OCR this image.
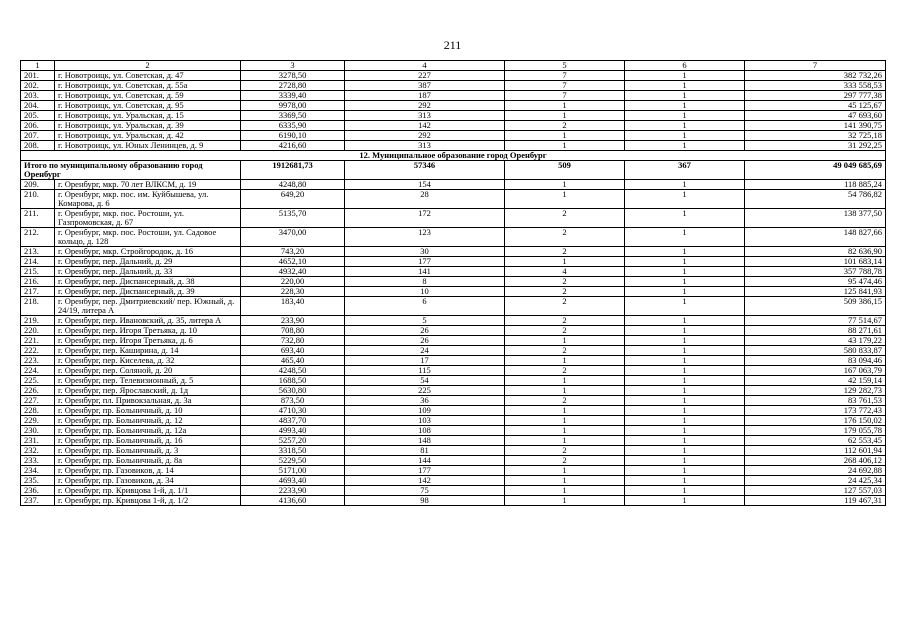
211
1	2	3	4	5	6	7
201.	г. Новотроицк, ул. Советская, д. 47	3278,50	227	7	1	382 732,26
202.	г. Новотроицк, ул. Советская, д. 55а	2728,80	387	7	1	333 558,53
203.	г. Новотроицк, ул. Советская, д. 59	3339,40	187	7	1	297 777,38
204.	г. Новотроицк, ул. Советская, д. 95	9978,00	292	1	1	45 125,67
205.	г. Новотроицк, ул. Уральская, д. 15	3369,50	313	1	1	47 693,60
206.	г. Новотроицк, ул. Уральская, д. 39	6335,90	142	2	1	141 390,75
207.	г. Новотроицк, ул. Уральская, д. 42	6190,10	292	1	1	32 725,18
208.	г. Новотроицк, ул. Юных Ленинцев, д. 9	4216,60	313	1	1	31 292,25
12. Муниципальное образование город Оренбург						
Итого по муниципальному образованию город Оренбург		1912681,73	57346	509	367	49 049 685,69
209.	г. Оренбург, мкр. 70 лет ВЛКСМ, д. 19	4248,80	154	1	1	118 885,24
210.	г. Оренбург, мкр. пос. им. Куйбышева, ул. Комарова, д. 6	649,20	28	1	1	54 786,82
211.	г. Оренбург, мкр. пос. Ростоши, ул. Газпромовская, д. 67	5135,70	172	2	1	138 377,50
212.	г. Оренбург, мкр. пос. Ростоши, ул. Садовое кольцо, д. 128	3470,00	123	2	1	148 827,66
213.	г. Оренбург, мкр. Стройгородок, д. 16	743,20	30	2	1	82 636,90
214.	г. Оренбург, пер. Дальний, д. 29	4652,10	177	1	1	101 683,14
215.	г. Оренбург, пер. Дальний, д. 33	4932,40	141	4	1	357 788,78
216.	г. Оренбург, пер. Диспансерный, д. 38	220,00	8	2	1	95 474,46
217.	г. Оренбург, пер. Диспансерный, д. 39	228,30	10	2	1	125 841,93
218.	г. Оренбург, пер. Дмитриевский/ пер. Южный, д. 24/19, литера А	183,40	6	2	1	509 386,15
219.	г. Оренбург, пер. Ивановский, д. 35, литера А	233,90	5	2	1	77 514,67
220.	г. Оренбург, пер. Игоря Третьяка, д. 10	708,80	26	2	1	88 271,61
221.	г. Оренбург, пер. Игоря Третьяка, д. 6	732,80	26	1	1	43 179,22
222.	г. Оренбург, пер. Каширина, д. 14	693,40	24	2	1	580 833,87
223.	г. Оренбург, пер. Киселева, д. 32	465,40	17	1	1	83 094,46
224.	г. Оренбург, пер. Соляной, д. 20	4248,50	115	2	1	167 063,79
225.	г. Оренбург, пер. Телевизионный, д. 5	1688,50	54	1	1	42 159,14
226.	г. Оренбург, пер. Ярославский, д. 1д	5630,80	225	1	1	129 282,73
227.	г. Оренбург, пл. Привокзальная, д. 3а	873,50	36	2	1	83 761,53
228.	г. Оренбург, пр. Больничный, д. 10	4710,30	109	1	1	173 772,43
229.	г. Оренбург, пр. Больничный, д. 12	4837,70	103	1	1	176 150,02
230.	г. Оренбург, пр. Больничный, д. 12а	4993,40	108	1	1	179 055,78
231.	г. Оренбург, пр. Больничный, д. 16	5257,20	148	1	1	62 553,45
232.	г. Оренбург, пр. Больничный, д. 3	3318,50	81	2	1	112 601,94
233.	г. Оренбург, пр. Больничный, д. 8а	5229,50	144	2	1	268 406,12
234.	г. Оренбург, пр. Газовиков, д. 14	5171,00	177	1	1	24 692,88
235.	г. Оренбург, пр. Газовиков, д. 34	4693,40	142	1	1	24 425,34
236.	г. Оренбург, пр. Кривцова 1-й, д. 1/1	2233,90	75	1	1	127 557,03
237.	г. Оренбург, пр. Кривцова 1-й, д. 1/2	4136,60	98	1	1	119 467,31
